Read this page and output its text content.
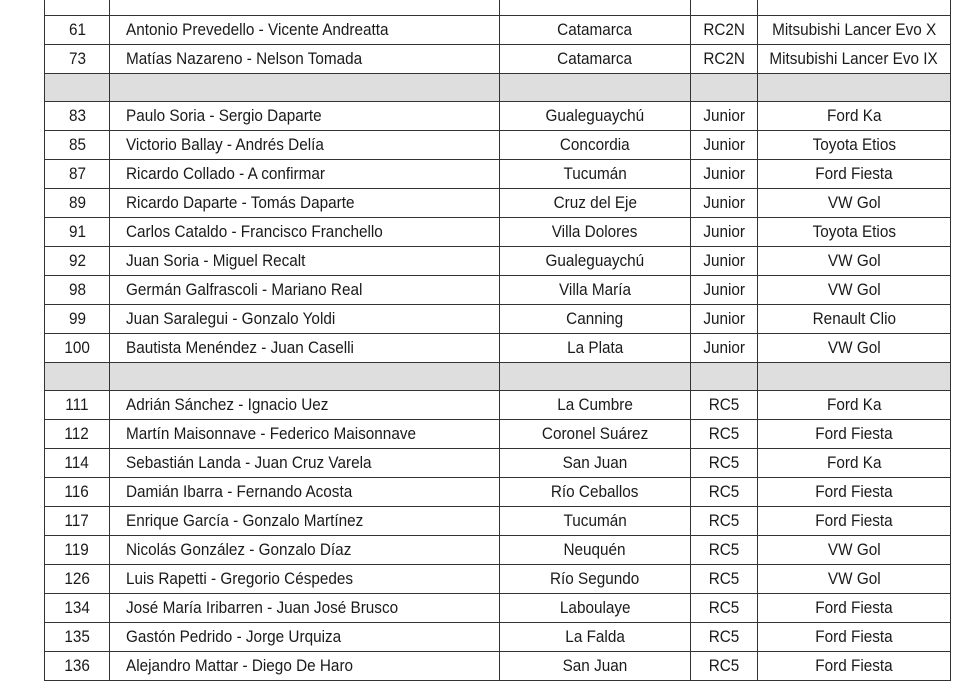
61	Antonio Prevedello - Vicente Andreatta	Catamarca	RC2N	Mitsubishi Lancer Evo X
73	Matías Nazareno - Nelson Tomada	Catamarca	RC2N	Mitsubishi Lancer Evo IX

83	Paulo Soria - Sergio Daparte	Gualeguaychú	Junior	Ford Ka
85	Victorio Ballay - Andrés Delía	Concordia	Junior	Toyota Etios
87	Ricardo Collado - A confirmar	Tucumán	Junior	Ford Fiesta
89	Ricardo Daparte - Tomás Daparte	Cruz del Eje	Junior	VW Gol
91	Carlos Cataldo - Francisco Franchello	Villa Dolores	Junior	Toyota Etios
92	Juan Soria - Miguel Recalt	Gualeguaychú	Junior	VW Gol
98	Germán Galfrascoli - Mariano Real	Villa María	Junior	VW Gol
99	Juan Saralegui - Gonzalo Yoldi	Canning	Junior	Renault Clio
100	Bautista Menéndez - Juan Caselli	La Plata	Junior	VW Gol

111	Adrián Sánchez - Ignacio Uez	La Cumbre	RC5	Ford Ka
112	Martín Maisonnave - Federico Maisonnave	Coronel Suárez	RC5	Ford Fiesta
114	Sebastián Landa - Juan Cruz Varela	San Juan	RC5	Ford Ka
116	Damián Ibarra - Fernando Acosta	Río Ceballos	RC5	Ford Fiesta
117	Enrique García - Gonzalo Martínez	Tucumán	RC5	Ford Fiesta
119	Nicolás González - Gonzalo Díaz	Neuquén	RC5	VW Gol
126	Luis Rapetti - Gregorio Céspedes	Río Segundo	RC5	VW Gol
134	José María Iribarren - Juan José Brusco	Laboulaye	RC5	Ford Fiesta
135	Gastón Pedrido - Jorge Urquiza	La Falda	RC5	Ford Fiesta
136	Alejandro Mattar - Diego De Haro	San Juan	RC5	Ford Fiesta
